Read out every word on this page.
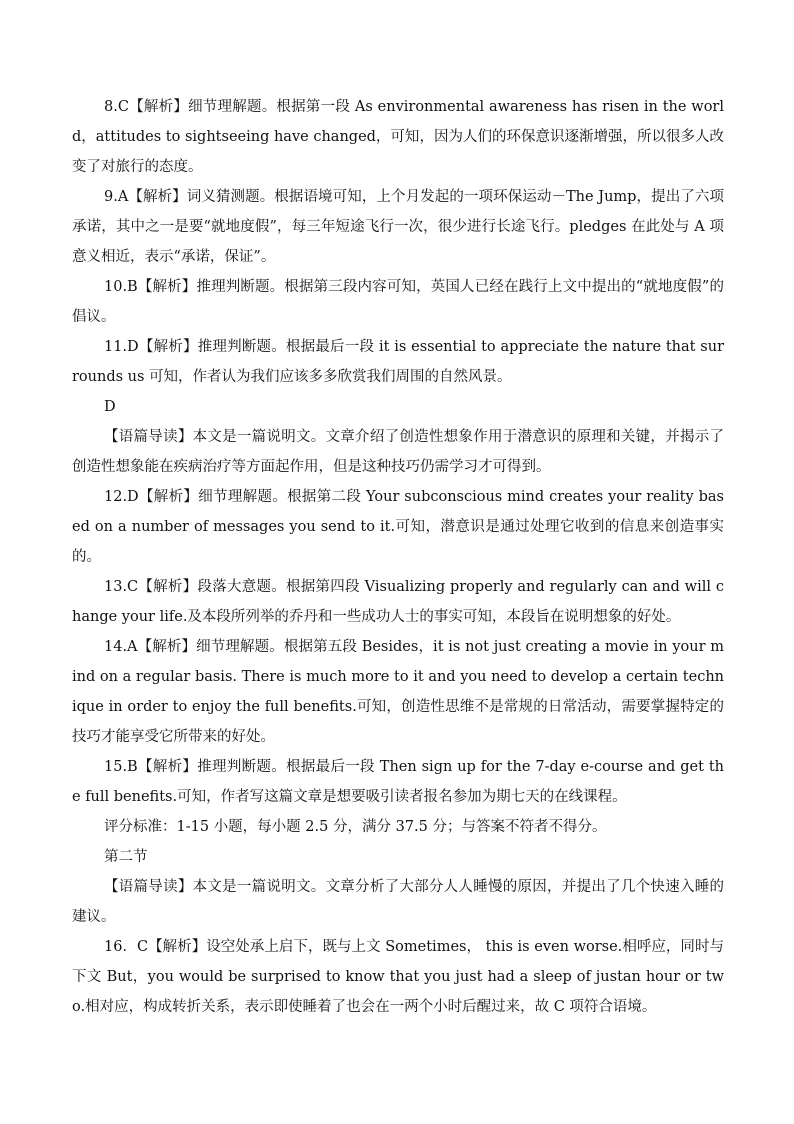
8.C【解析】细节理解题。根据第一段 As environmental awareness has risen in the world，attitudes to sightseeing have changed，可知，因为人们的环保意识逐渐增强，所以很多人改变了对旅行的态度。

9.A【解析】词义猜测题。根据语境可知，上个月发起的一项环保运动－The Jump，提出了六项承诺，其中之一是要“就地度假”，每三年短途飞行一次，很少进行长途飞行。pledges 在此处与 A 项意义相近，表示“承诺，保证”。

10.B【解析】推理判断题。根据第三段内容可知，英国人已经在践行上文中提出的“就地度假”的倡议。

11.D【解析】推理判断题。根据最后一段 it is essential to appreciate the nature that surrounds us 可知，作者认为我们应该多多欣赏我们周围的自然风景。

D

【语篇导读】本文是一篇说明文。文章介绍了创造性想象作用于潜意识的原理和关键，并揭示了创造性想象能在疾病治疗等方面起作用，但是这种技巧仍需学习才可得到。

12.D【解析】细节理解题。根据第二段 Your subconscious mind creates your reality based on a number of messages you send to it.可知，潜意识是通过处理它收到的信息来创造事实的。

13.C【解析】段落大意题。根据第四段 Visualizing properly and regularly can and will change your life.及本段所列举的乔丹和一些成功人士的事实可知，本段旨在说明想象的好处。

14.A【解析】细节理解题。根据第五段 Besides，it is not just creating a movie in your mind on a regular basis. There is much more to it and you need to develop a certain technique in order to enjoy the full benefits.可知，创造性思维不是常规的日常活动，需要掌握特定的技巧才能享受它所带来的好处。

15.B【解析】推理判断题。根据最后一段 Then sign up for the 7-day e-course and get the full benefits.可知，作者写这篇文章是想要吸引读者报名参加为期七天的在线课程。

评分标准：1-15 小题，每小题 2.5 分，满分 37.5 分；与答案不符者不得分。

第二节

【语篇导读】本文是一篇说明文。文章分析了大部分人人睡慢的原因，并提出了几个快速入睡的建议。

16．C【解析】设空处承上启下，既与上文 Sometimes， this is even worse.相呼应，同时与下文 But，you would be surprised to know that you just had a sleep of justan hour or two.相对应，构成转折关系，表示即使睡着了也会在一两个小时后醒过来，故 C 项符合语境。
